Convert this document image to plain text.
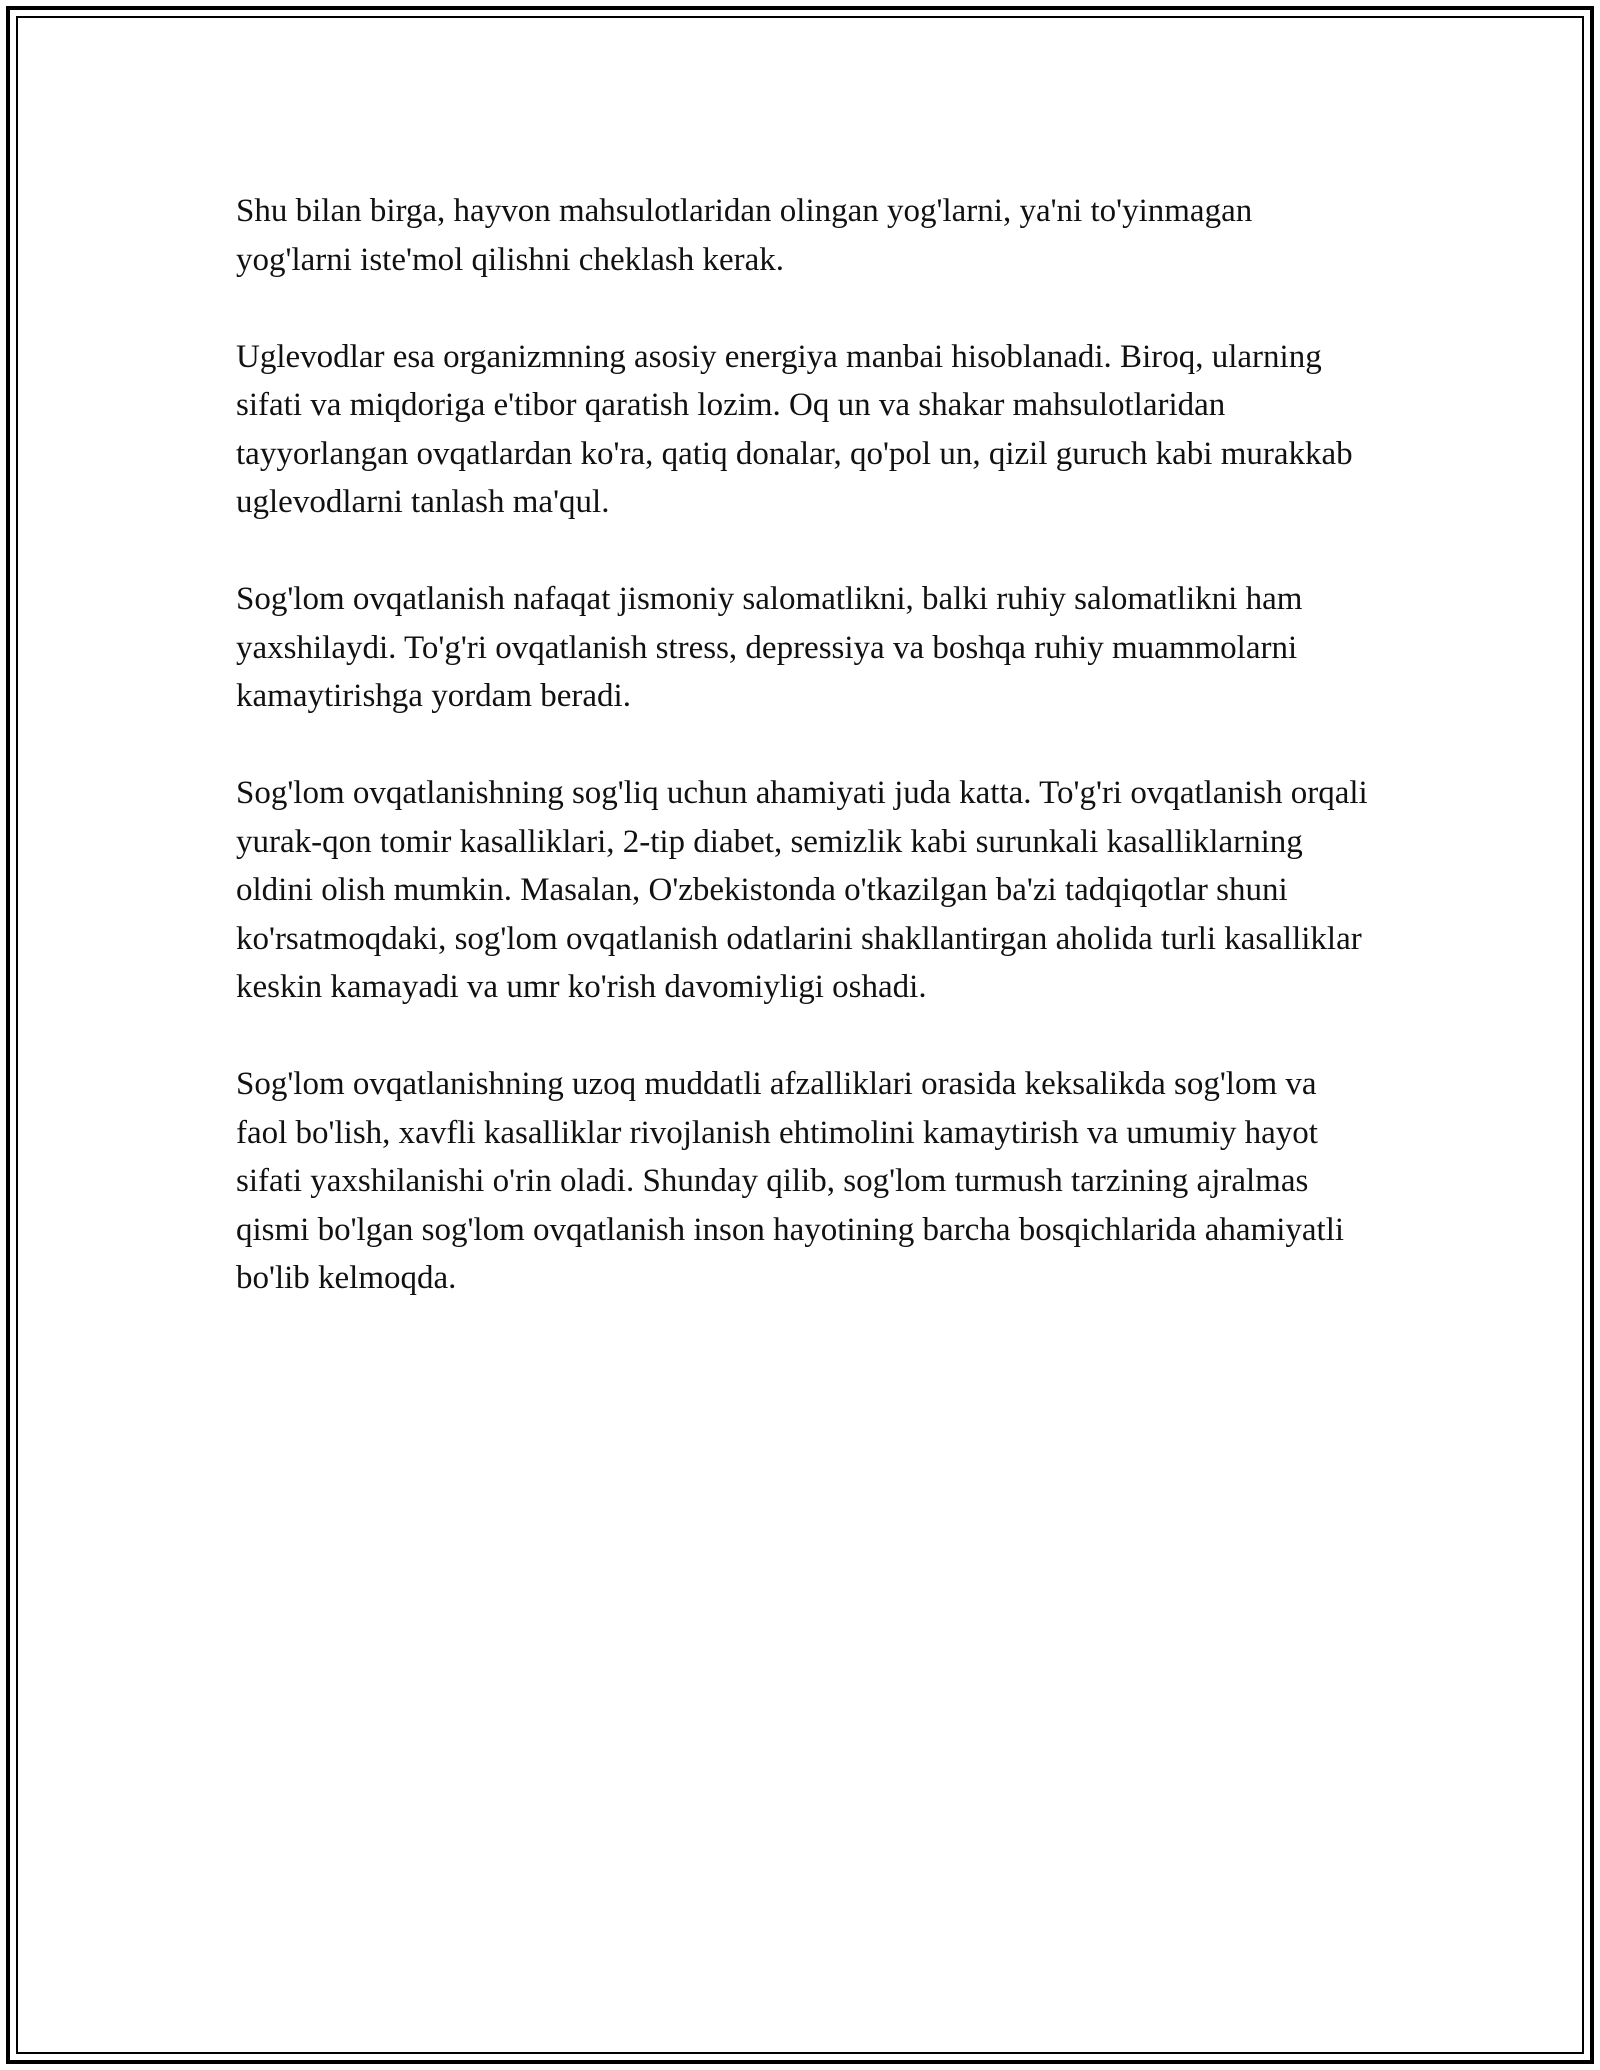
Shu bilan birga, hayvon mahsulotlaridan olingan yog'larni, ya'ni to'yinmagan yog'larni iste'mol qilishni cheklash kerak.

Uglevodlar esa organizmning asosiy energiya manbai hisoblanadi. Biroq, ularning sifati va miqdoriga e'tibor qaratish lozim. Oq un va shakar mahsulotlaridan tayyorlangan ovqatlardan ko'ra, qatiq donalar, qo'pol un, qizil guruch kabi murakkab uglevodlarni tanlash ma'qul.

Sog'lom ovqatlanish nafaqat jismoniy salomatlikni, balki ruhiy salomatlikni ham yaxshilaydi. To'g'ri ovqatlanish stress, depressiya va boshqa ruhiy muammolarni kamaytirishga yordam beradi.

Sog'lom ovqatlanishning sog'liq uchun ahamiyati juda katta. To'g'ri ovqatlanish orqali yurak-qon tomir kasalliklari, 2-tip diabet, semizlik kabi surunkali kasalliklarning oldini olish mumkin. Masalan, O'zbekistonda o'tkazilgan ba'zi tadqiqotlar shuni ko'rsatmoqdaki, sog'lom ovqatlanish odatlarini shakllantirgan aholida turli kasalliklar keskin kamayadi va umr ko'rish davomiyligi oshadi.

Sog'lom ovqatlanishning uzoq muddatli afzalliklari orasida keksalikda sog'lom va faol bo'lish, xavfli kasalliklar rivojlanish ehtimolini kamaytirish va umumiy hayot sifati yaxshilanishi o'rin oladi. Shunday qilib, sog'lom turmush tarzining ajralmas qismi bo'lgan sog'lom ovqatlanish inson hayotining barcha bosqichlarida ahamiyatli bo'lib kelmoqda.
